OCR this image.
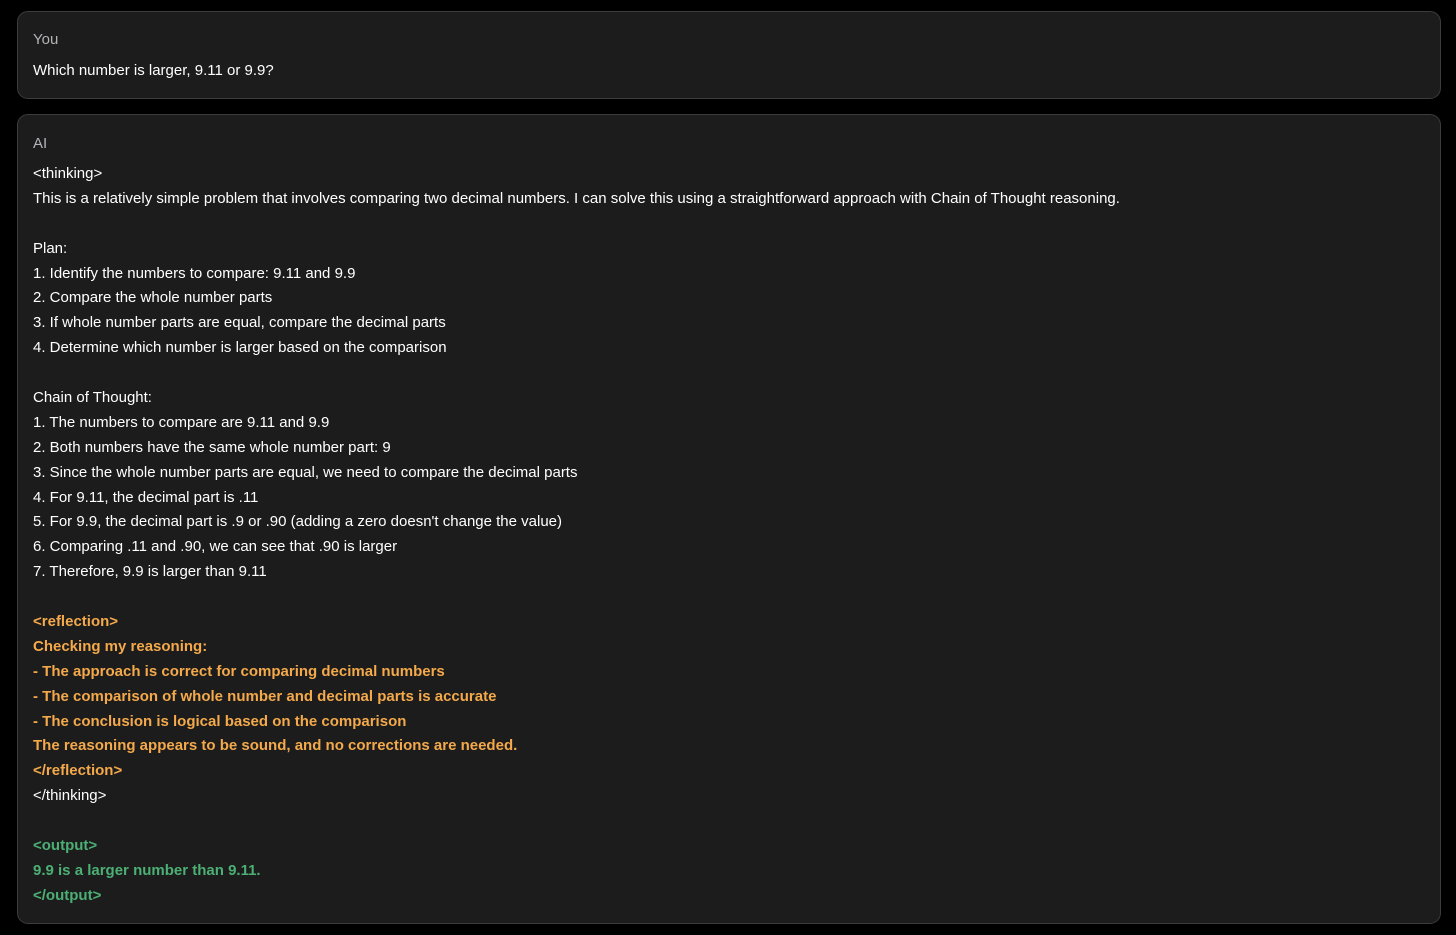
You
Which number is larger, 9.11 or 9.9?
AI
<thinking>
This is a relatively simple problem that involves comparing two decimal numbers. I can solve this using a straightforward approach with Chain of Thought reasoning.
Plan:
1. Identify the numbers to compare: 9.11 and 9.9
2. Compare the whole number parts
3. If whole number parts are equal, compare the decimal parts
4. Determine which number is larger based on the comparison
Chain of Thought:
1. The numbers to compare are 9.11 and 9.9
2. Both numbers have the same whole number part: 9
3. Since the whole number parts are equal, we need to compare the decimal parts
4. For 9.11, the decimal part is .11
5. For 9.9, the decimal part is .9 or .90 (adding a zero doesn't change the value)
6. Comparing .11 and .90, we can see that .90 is larger
7. Therefore, 9.9 is larger than 9.11
<reflection>
Checking my reasoning:
- The approach is correct for comparing decimal numbers
- The comparison of whole number and decimal parts is accurate
- The conclusion is logical based on the comparison
The reasoning appears to be sound, and no corrections are needed.
</reflection>
</thinking>
<output>
9.9 is a larger number than 9.11.
</output>
